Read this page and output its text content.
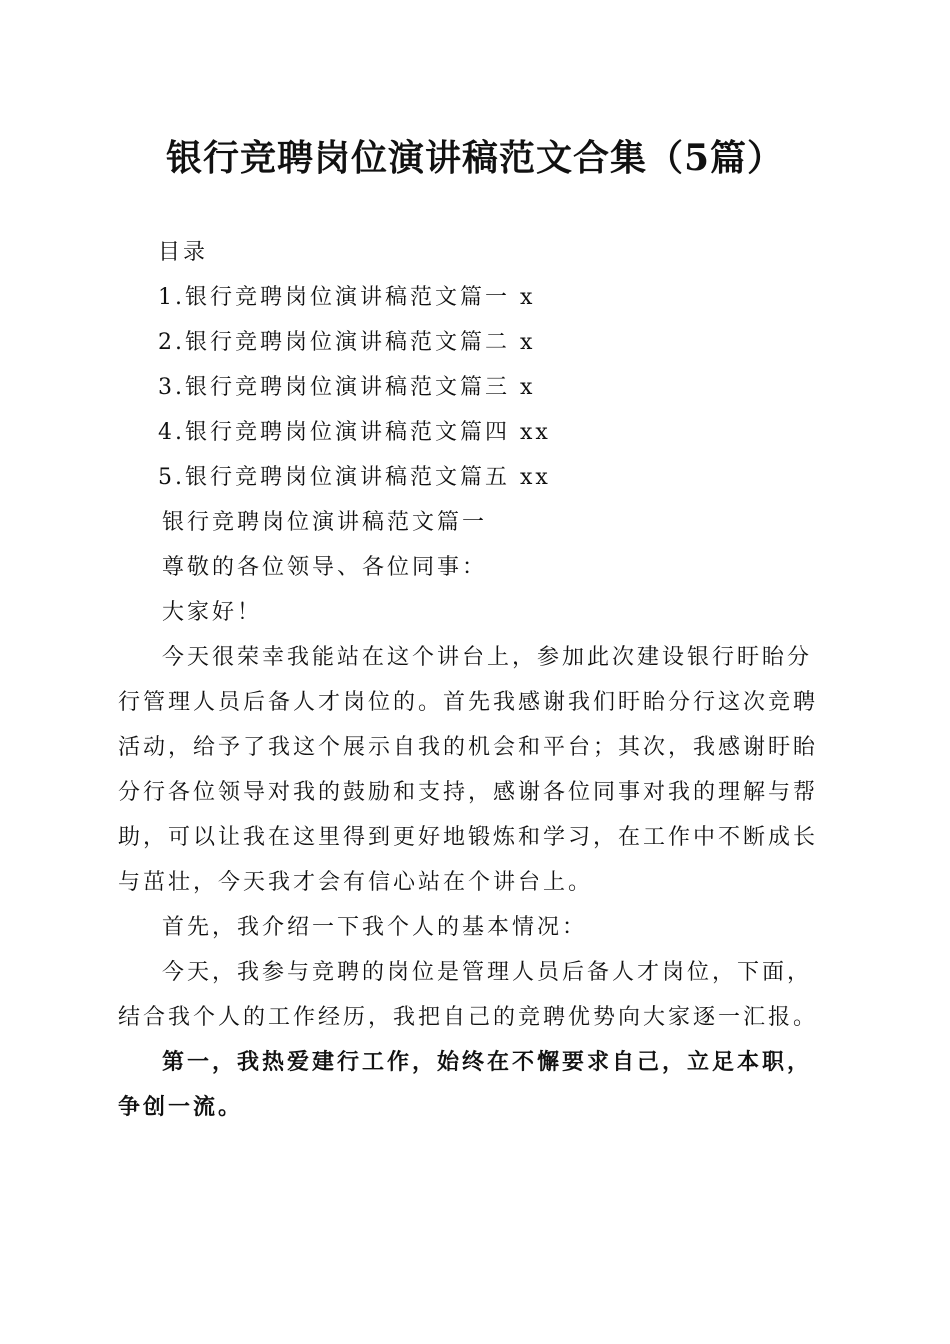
银行竞聘岗位演讲稿范文合集（5篇）
目录
1.银行竞聘岗位演讲稿范文篇一 x
2.银行竞聘岗位演讲稿范文篇二 x
3.银行竞聘岗位演讲稿范文篇三 x
4.银行竞聘岗位演讲稿范文篇四 xx
5.银行竞聘岗位演讲稿范文篇五 xx

银行竞聘岗位演讲稿范文篇一

尊敬的各位领导、各位同事：

大家好！

今天很荣幸我能站在这个讲台上，参加此次建设银行盱眙分行管理人员后备人才岗位的。首先我感谢我们盱眙分行这次竞聘活动，给予了我这个展示自我的机会和平台；其次，我感谢盱眙分行各位领导对我的鼓励和支持，感谢各位同事对我的理解与帮助，可以让我在这里得到更好地锻炼和学习，在工作中不断成长与茁壮，今天我才会有信心站在个讲台上。

首先，我介绍一下我个人的基本情况：

今天，我参与竞聘的岗位是管理人员后备人才岗位，下面，结合我个人的工作经历，我把自己的竞聘优势向大家逐一汇报。

第一，我热爱建行工作，始终在不懈要求自己，立足本职，争创一流。
